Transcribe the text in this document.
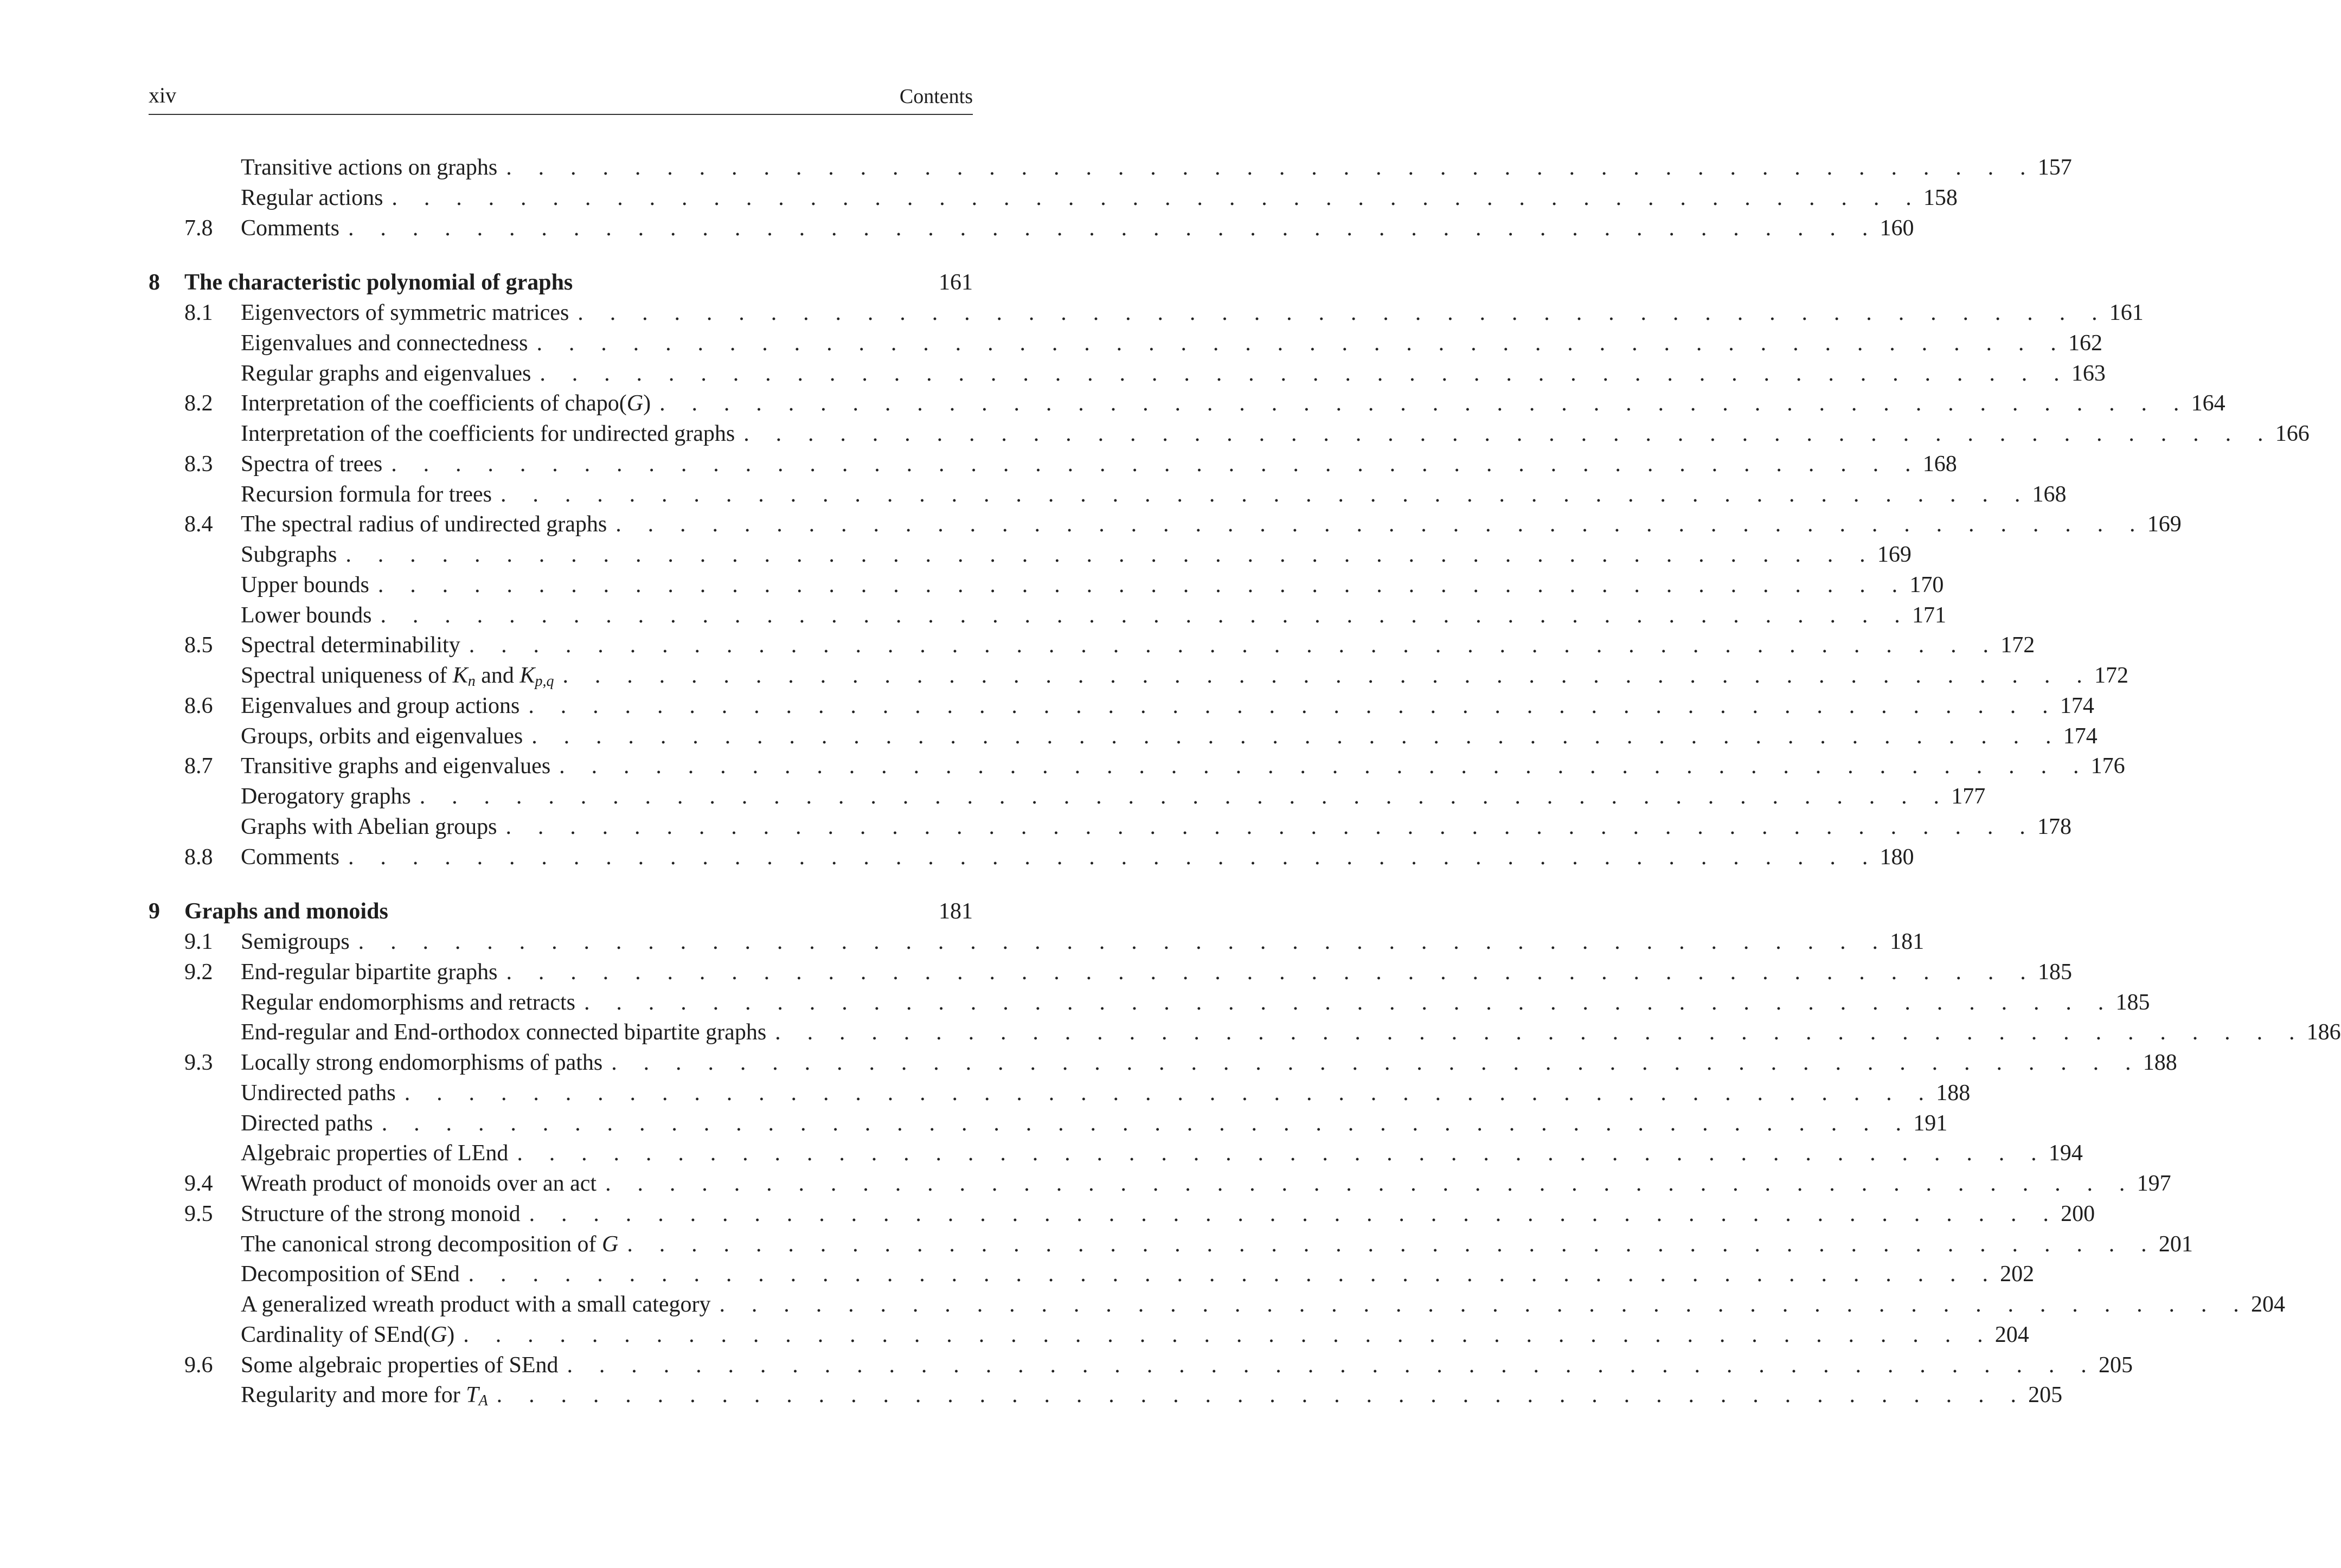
xiv	Contents
Transitive actions on graphs . . . . . . . . . . . . . . . . . . . . . . . . . . . . . . . . . . . . . . . . . . . . . . . . 157
Regular actions . . . . . . . . . . . . . . . . . . . . . . . . . . . . . . . . . . . . . . . . . . . . . . . . 158
7.8 Comments . . . . . . . . . . . . . . . . . . . . . . . . . . . . . . . . . . . . . . . . . . . . . . . . 160
8 The characteristic polynomial of graphs	161
8.1 Eigenvectors of symmetric matrices . . . . . . . . . . . . . . . . . . . . . . . . . . . . . . . . . . . . . . . . . . . . . . . . 161
Eigenvalues and connectedness . . . . . . . . . . . . . . . . . . . . . . . . . . . . . . . . . . . . . . . . . . . . . . . . 162
Regular graphs and eigenvalues . . . . . . . . . . . . . . . . . . . . . . . . . . . . . . . . . . . . . . . . . . . . . . . . 163
8.2 Interpretation of the coefficients of chapo(G) . . . . . . . . . . . . . . . . . . . . . . . . . . . . . . . . . . . . . . . . . . . . . . . . 164
Interpretation of the coefficients for undirected graphs . . . . . . . . . . . . . . . . . . . . . . . . . . . . . . . . . . . . . . . . . . . . . . . . 166
8.3 Spectra of trees . . . . . . . . . . . . . . . . . . . . . . . . . . . . . . . . . . . . . . . . . . . . . . . . 168
Recursion formula for trees . . . . . . . . . . . . . . . . . . . . . . . . . . . . . . . . . . . . . . . . . . . . . . . . 168
8.4 The spectral radius of undirected graphs . . . . . . . . . . . . . . . . . . . . . . . . . . . . . . . . . . . . . . . . . . . . . . . . 169
Subgraphs . . . . . . . . . . . . . . . . . . . . . . . . . . . . . . . . . . . . . . . . . . . . . . . . 169
Upper bounds . . . . . . . . . . . . . . . . . . . . . . . . . . . . . . . . . . . . . . . . . . . . . . . . 170
Lower bounds . . . . . . . . . . . . . . . . . . . . . . . . . . . . . . . . . . . . . . . . . . . . . . . . 171
8.5 Spectral determinability . . . . . . . . . . . . . . . . . . . . . . . . . . . . . . . . . . . . . . . . . . . . . . . . 172
Spectral uniqueness of $K_n$ and $K_{p,q}$ . . . . . . . . . . . . . . . . . . . . . . . . . . . . . . . . . . . . . . . . . . . . . . . . 172
8.6 Eigenvalues and group actions . . . . . . . . . . . . . . . . . . . . . . . . . . . . . . . . . . . . . . . . . . . . . . . . 174
Groups, orbits and eigenvalues . . . . . . . . . . . . . . . . . . . . . . . . . . . . . . . . . . . . . . . . . . . . . . . . 174
8.7 Transitive graphs and eigenvalues . . . . . . . . . . . . . . . . . . . . . . . . . . . . . . . . . . . . . . . . . . . . . . . . 176
Derogatory graphs . . . . . . . . . . . . . . . . . . . . . . . . . . . . . . . . . . . . . . . . . . . . . . . . 177
Graphs with Abelian groups . . . . . . . . . . . . . . . . . . . . . . . . . . . . . . . . . . . . . . . . . . . . . . . . 178
8.8 Comments . . . . . . . . . . . . . . . . . . . . . . . . . . . . . . . . . . . . . . . . . . . . . . . . 180
9 Graphs and monoids	181
9.1 Semigroups . . . . . . . . . . . . . . . . . . . . . . . . . . . . . . . . . . . . . . . . . . . . . . . . 181
9.2 End-regular bipartite graphs . . . . . . . . . . . . . . . . . . . . . . . . . . . . . . . . . . . . . . . . . . . . . . . . 185
Regular endomorphisms and retracts . . . . . . . . . . . . . . . . . . . . . . . . . . . . . . . . . . . . . . . . . . . . . . . . 185
End-regular and End-orthodox connected bipartite graphs . . . . . . . . . . . . . . . . . . . . . . . . . . . . . . . . . . . . . . . . . . . . . . . . 186
9.3 Locally strong endomorphisms of paths . . . . . . . . . . . . . . . . . . . . . . . . . . . . . . . . . . . . . . . . . . . . . . . . 188
Undirected paths . . . . . . . . . . . . . . . . . . . . . . . . . . . . . . . . . . . . . . . . . . . . . . . . 188
Directed paths . . . . . . . . . . . . . . . . . . . . . . . . . . . . . . . . . . . . . . . . . . . . . . . . 191
Algebraic properties of LEnd . . . . . . . . . . . . . . . . . . . . . . . . . . . . . . . . . . . . . . . . . . . . . . . . 194
9.4 Wreath product of monoids over an act . . . . . . . . . . . . . . . . . . . . . . . . . . . . . . . . . . . . . . . . . . . . . . . . 197
9.5 Structure of the strong monoid . . . . . . . . . . . . . . . . . . . . . . . . . . . . . . . . . . . . . . . . . . . . . . . . 200
The canonical strong decomposition of G . . . . . . . . . . . . . . . . . . . . . . . . . . . . . . . . . . . . . . . . . . . . . . . . 201
Decomposition of SEnd . . . . . . . . . . . . . . . . . . . . . . . . . . . . . . . . . . . . . . . . . . . . . . . . 202
A generalized wreath product with a small category . . . . . . . . . . . . . . . . . . . . . . . . . . . . . . . . . . . . . . . . . . . . . . . . 204
Cardinality of SEnd(G) . . . . . . . . . . . . . . . . . . . . . . . . . . . . . . . . . . . . . . . . . . . . . . . . 204
9.6 Some algebraic properties of SEnd . . . . . . . . . . . . . . . . . . . . . . . . . . . . . . . . . . . . . . . . . . . . . . . . 205
Regularity and more for $T_A$ . . . . . . . . . . . . . . . . . . . . . . . . . . . . . . . . . . . . . . . . . . . . . . . . 205
